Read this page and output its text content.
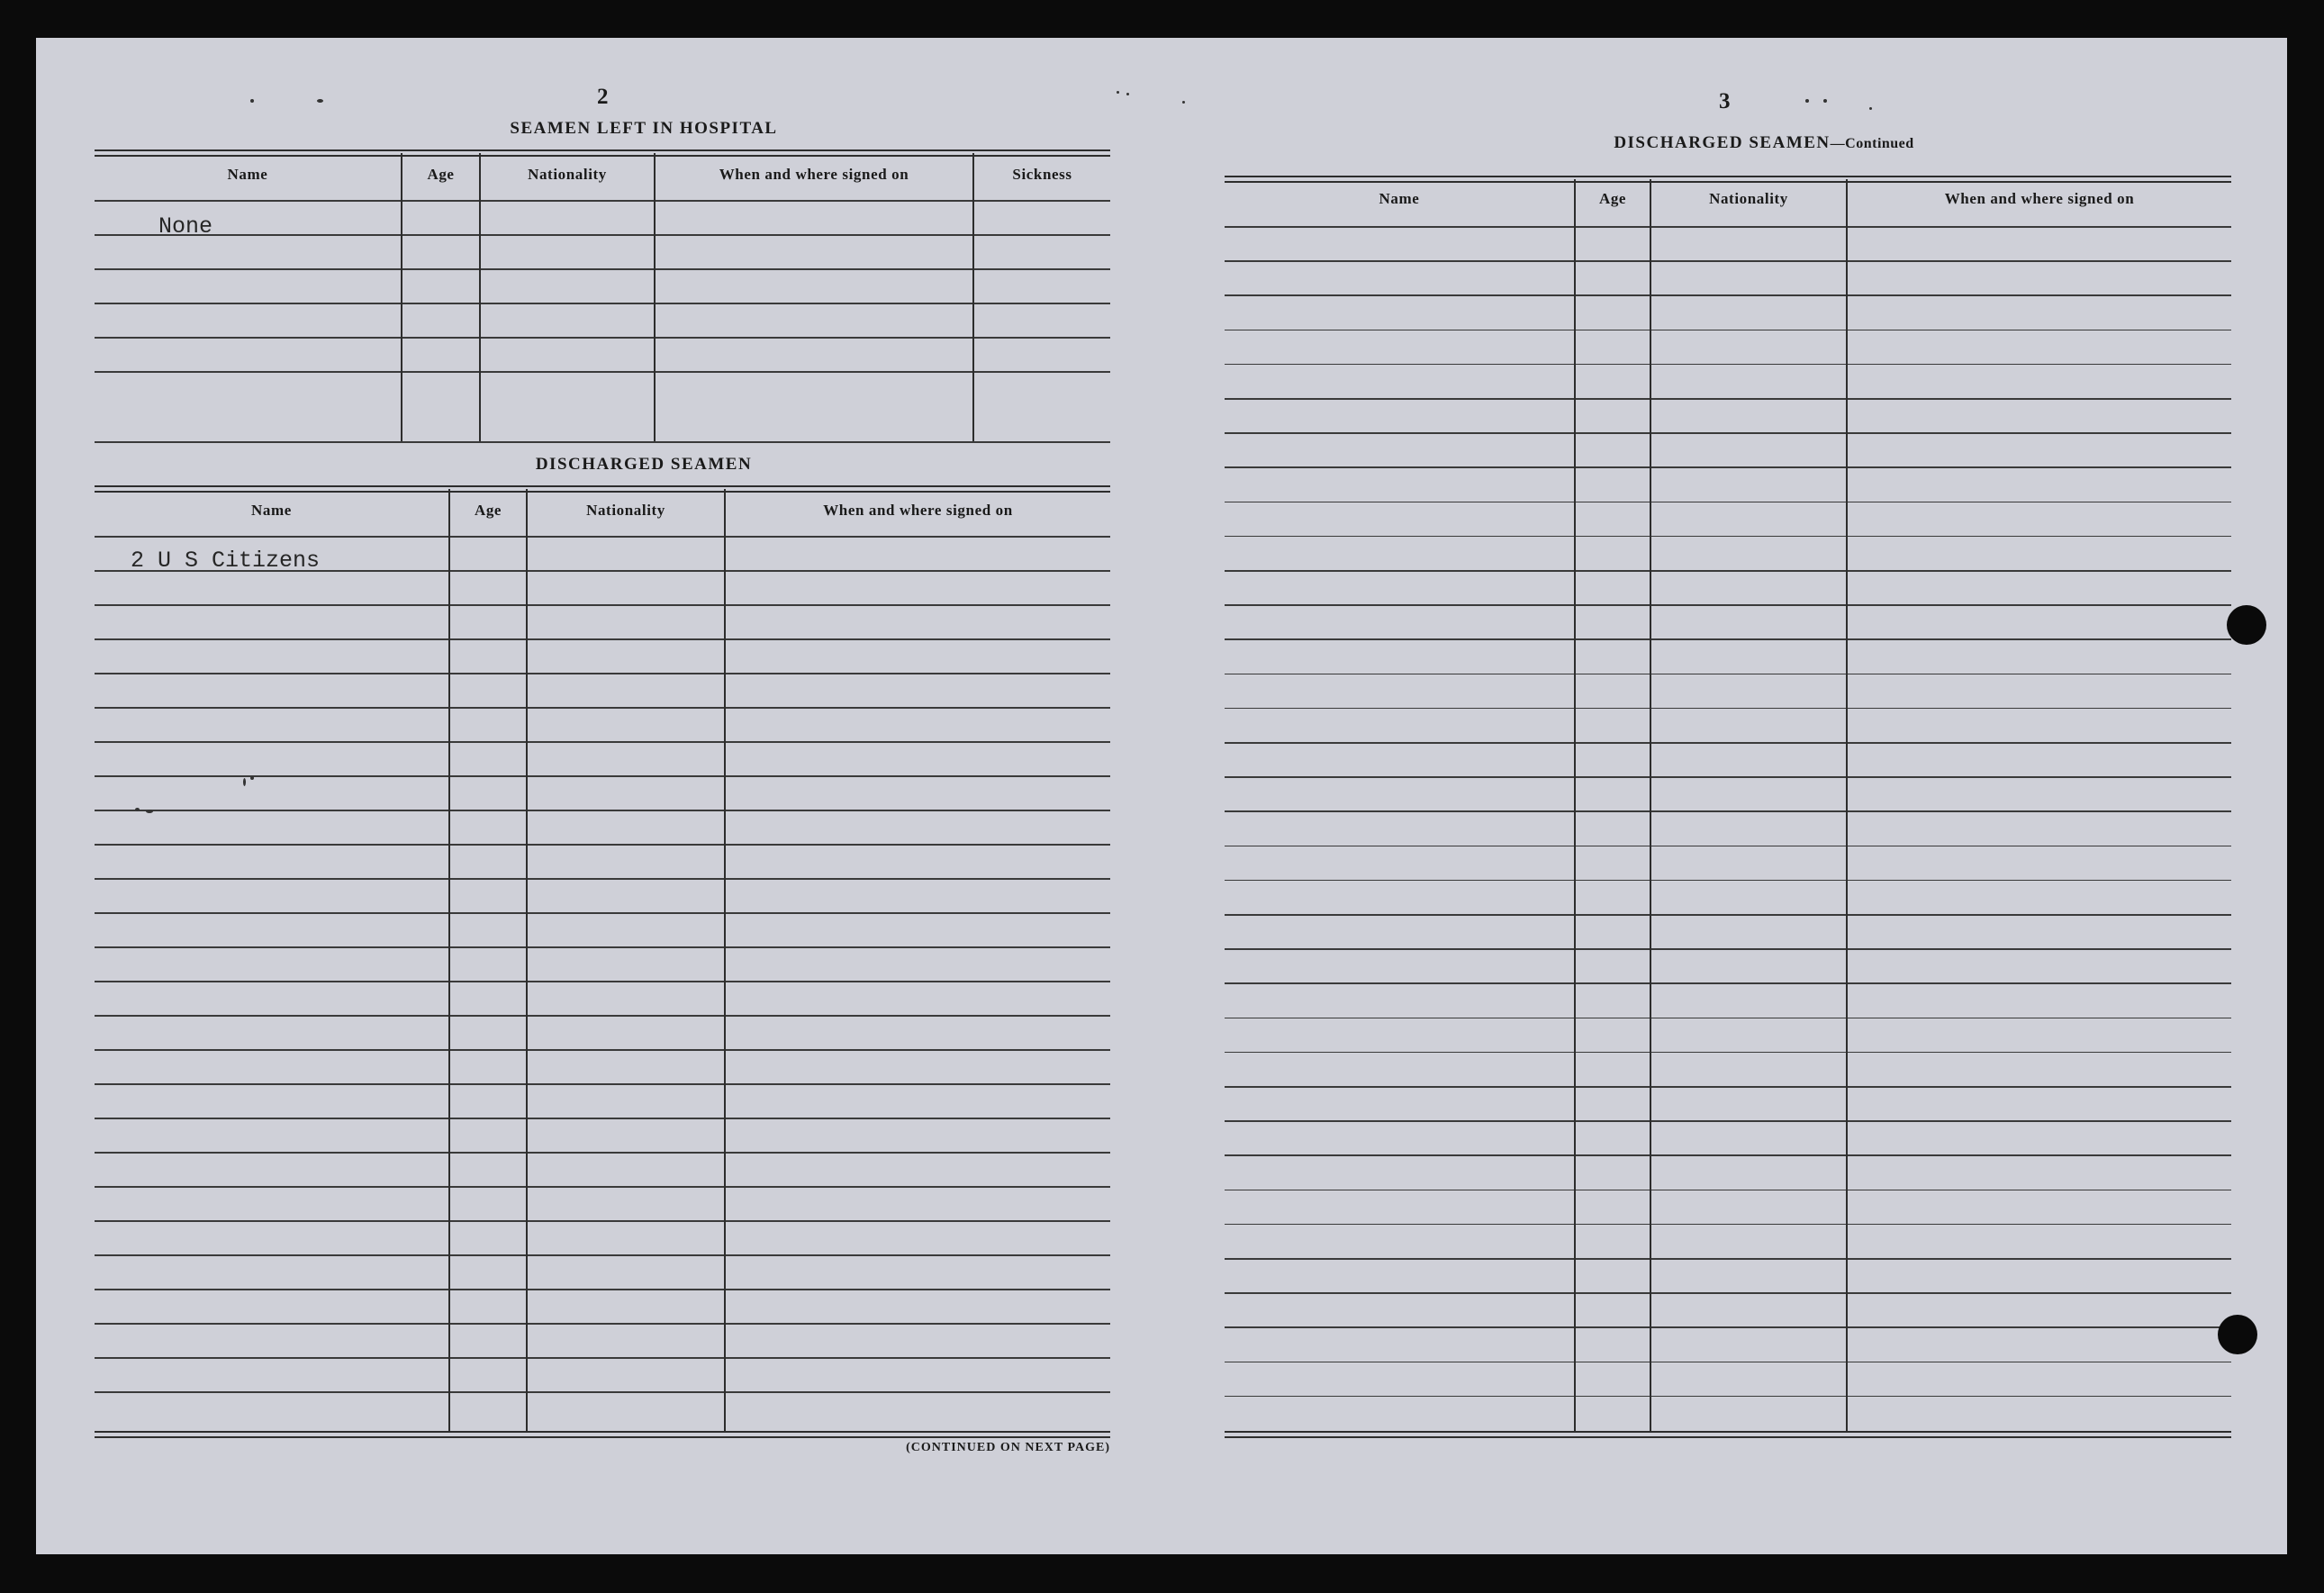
2
SEAMEN LEFT IN HOSPITAL
Name	Age	Nationality	When and where signed on	Sickness
None
DISCHARGED SEAMEN
Name	Age	Nationality	When and where signed on
2 U S Citizens
(CONTINUED ON NEXT PAGE)
3
DISCHARGED SEAMEN—Continued
Name	Age	Nationality	When and where signed on
